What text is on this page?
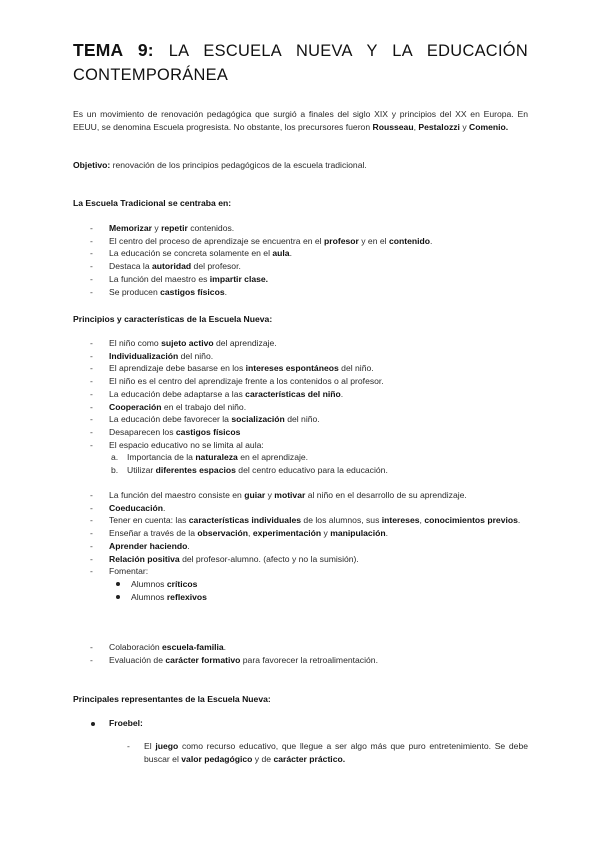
TEMA 9: LA ESCUELA NUEVA Y LA EDUCACIÓN CONTEMPORÁNEA
Es un movimiento de renovación pedagógica que surgió a finales del siglo XIX y principios del XX en Europa. En EEUU, se denomina Escuela progresista. No obstante, los precursores fueron Rousseau, Pestalozzi y Comenio.
Objetivo: renovación de los principios pedagógicos de la escuela tradicional.
La Escuela Tradicional se centraba en:
- Memorizar y repetir contenidos.
- El centro del proceso de aprendizaje se encuentra en el profesor y en el contenido.
- La educación se concreta solamente en el aula.
- Destaca la autoridad del profesor.
- La función del maestro es impartir clase.
- Se producen castigos físicos.
Principios y características de la Escuela Nueva:
- El niño como sujeto activo del aprendizaje.
- Individualización del niño.
- El aprendizaje debe basarse en los intereses espontáneos del niño.
- El niño es el centro del aprendizaje frente a los contenidos o al profesor.
- La educación debe adaptarse a las características del niño.
- Cooperación en el trabajo del niño.
- La educación debe favorecer la socialización del niño.
- Desaparecen los castigos físicos
- El espacio educativo no se limita al aula:
a. Importancia de la naturaleza en el aprendizaje.
b. Utilizar diferentes espacios del centro educativo para la educación.
- La función del maestro consiste en guiar y motivar al niño en el desarrollo de su aprendizaje.
- Coeducación.
- Tener en cuenta: las características individuales de los alumnos, sus intereses, conocimientos previos.
- Enseñar a través de la observación, experimentación y manipulación.
- Aprender haciendo.
- Relación positiva del profesor-alumno. (afecto y no la sumisión).
- Fomentar:
Alumnos críticos
Alumnos reflexivos
- Colaboración escuela-familia.
- Evaluación de carácter formativo para favorecer la retroalimentación.
Principales representantes de la Escuela Nueva:
Froebel:
- El juego como recurso educativo, que llegue a ser algo más que puro entretenimiento. Se debe buscar el valor pedagógico y de carácter práctico.
